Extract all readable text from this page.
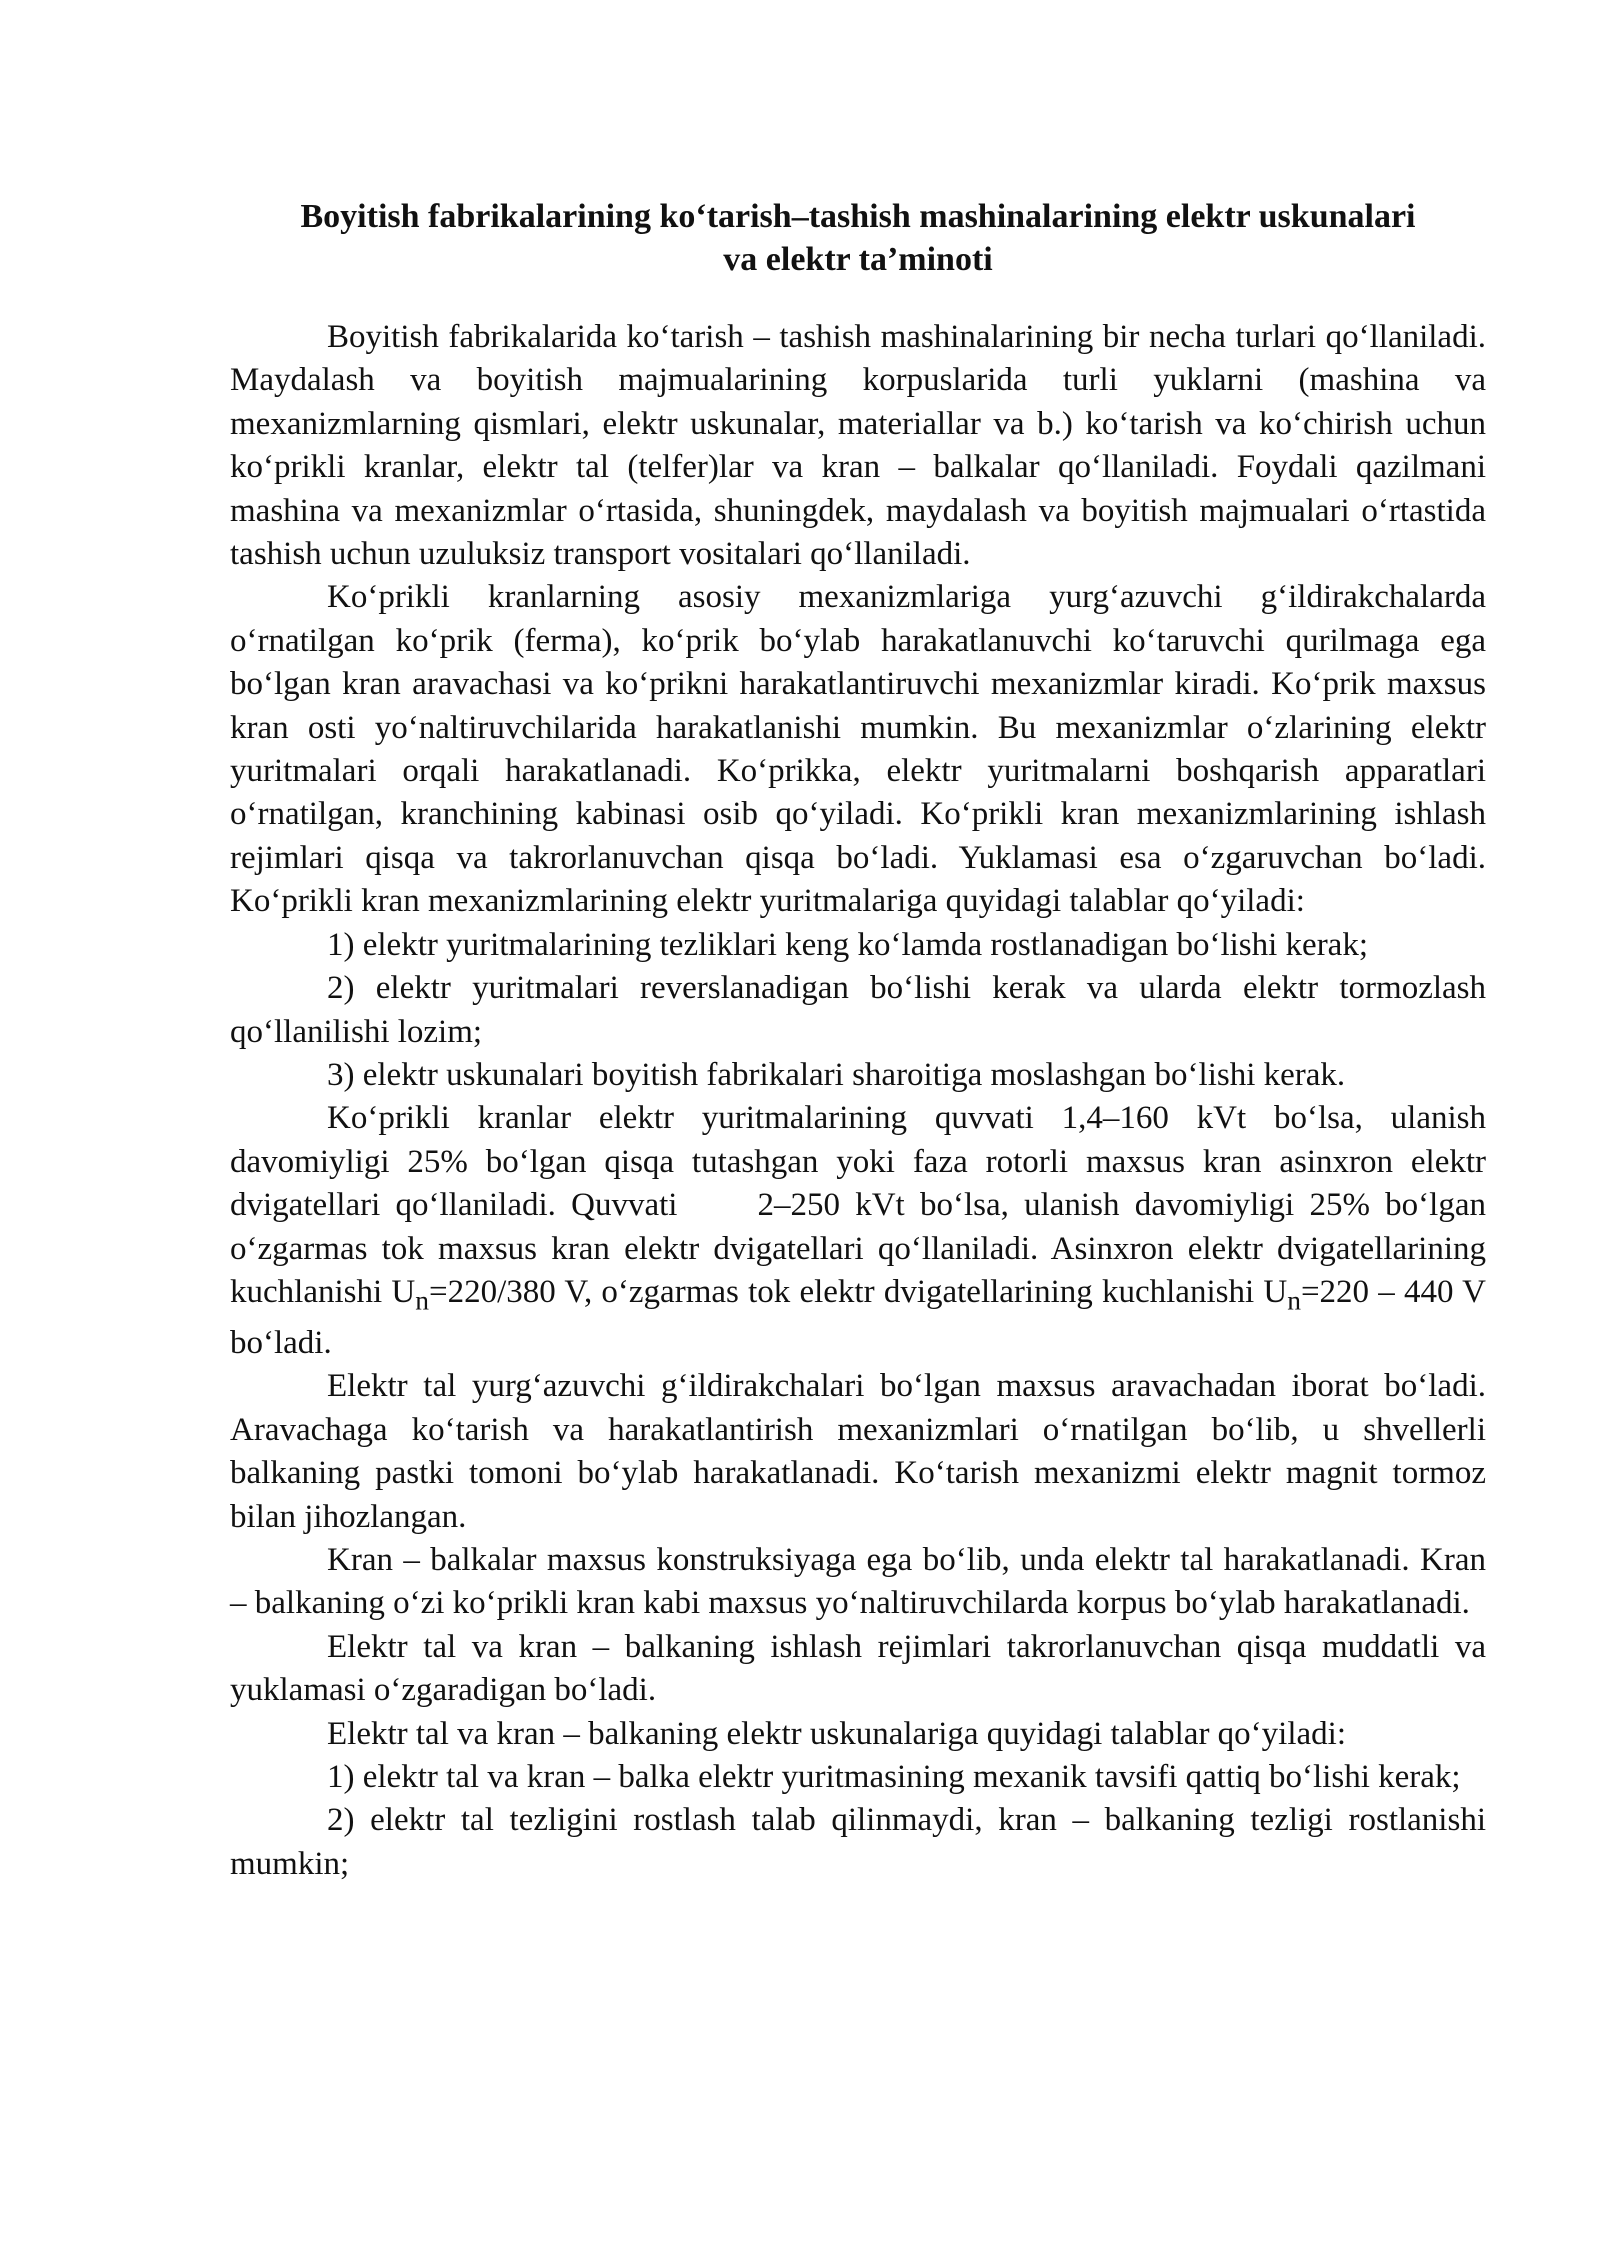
Boyitish fabrikalarining ko‘tarish–tashish mashinalarining elektr uskunalari
va elektr ta’minoti

Boyitish fabrikalarida ko‘tarish – tashish mashinalarining bir necha turlari qo‘llaniladi. Maydalash va boyitish majmualarining korpuslarida turli yuklarni (mashina va mexanizmlarning qismlari, elektr uskunalar, materiallar va b.) ko‘tarish va ko‘chirish uchun ko‘prikli kranlar, elektr tal (telfer)lar va kran – balkalar qo‘llaniladi. Foydali qazilmani mashina va mexanizmlar o‘rtasida, shuningdek, maydalash va boyitish majmualari o‘rtastida tashish uchun uzuluksiz transport vositalari qo‘llaniladi.

Ko‘prikli kranlarning asosiy mexanizmlariga yurg‘azuvchi g‘ildirakchalarda o‘rnatilgan ko‘prik (ferma), ko‘prik bo‘ylab harakatlanuvchi ko‘taruvchi qurilmaga ega bo‘lgan kran aravachasi va ko‘prikni harakatlantiruvchi mexanizmlar kiradi. Ko‘prik maxsus kran osti yo‘naltiruvchilarida harakatlanishi mumkin. Bu mexanizmlar o‘zlarining elektr yuritmalari orqali harakatlanadi. Ko‘prikka, elektr yuritmalarni boshqarish apparatlari o‘rnatilgan, kranchining kabinasi osib qo‘yiladi. Ko‘prikli kran mexanizmlarining ishlash rejimlari qisqa va takrorlanuvchan qisqa bo‘ladi. Yuklamasi esa o‘zgaruvchan bo‘ladi. Ko‘prikli kran mexanizmlarining elektr yuritmalariga quyidagi talablar qo‘yiladi:

1) elektr yuritmalarining tezliklari keng ko‘lamda rostlanadigan bo‘lishi kerak;

2) elektr yuritmalari reverslanadigan bo‘lishi kerak va ularda elektr tormozlash qo‘llanilishi lozim;

3) elektr uskunalari boyitish fabrikalari sharoitiga moslashgan bo‘lishi kerak.

Ko‘prikli kranlar elektr yuritmalarining quvvati 1,4–160 kVt bo‘lsa, ulanish davomiyligi 25% bo‘lgan qisqa tutashgan yoki faza rotorli maxsus kran asinxron elektr dvigatellari qo‘llaniladi. Quvvati 2–250 kVt bo‘lsa, ulanish davomiyligi 25% bo‘lgan o‘zgarmas tok maxsus kran elektr dvigatellari qo‘llaniladi. Asinxron elektr dvigatellarining kuchlanishi $U_n=220/380$ V, o‘zgarmas tok elektr dvigatellarining kuchlanishi $U_n=220 - 440$ V bo‘ladi.

Elektr tal yurg‘azuvchi g‘ildirakchalari bo‘lgan maxsus aravachadan iborat bo‘ladi. Aravachaga ko‘tarish va harakatlantirish mexanizmlari o‘rnatilgan bo‘lib, u shvellerli balkaning pastki tomoni bo‘ylab harakatlanadi. Ko‘tarish mexanizmi elektr magnit tormoz bilan jihozlangan.

Kran – balkalar maxsus konstruksiyaga ega bo‘lib, unda elektr tal harakatlanadi. Kran – balkaning o‘zi ko‘prikli kran kabi maxsus yo‘naltiruvchilarda korpus bo‘ylab harakatlanadi.

Elektr tal va kran – balkaning ishlash rejimlari takrorlanuvchan qisqa muddatli va yuklamasi o‘zgaradigan bo‘ladi.

Elektr tal va kran – balkaning elektr uskunalariga quyidagi talablar qo‘yiladi:

1) elektr tal va kran – balka elektr yuritmasining mexanik tavsifi qattiq bo‘lishi kerak;

2) elektr tal tezligini rostlash talab qilinmaydi, kran – balkaning tezligi rostlanishi mumkin;
